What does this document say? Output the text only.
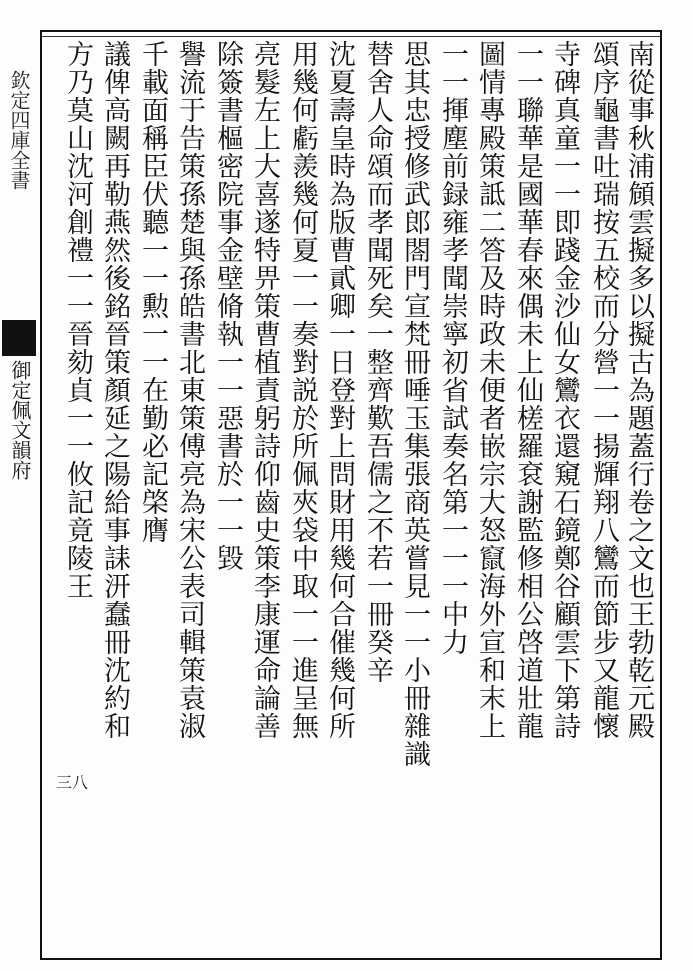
欽定四庫全書
御定佩文韻府	南從事秋浦頠雲擬多以擬古為題蓋行卷之文也王勃乾元殿
頌序龜書吐瑞按五校而分營一一揚輝翔八鸞而節步又龍懷
寺碑真童一一即踐金沙仙女鸞衣還窺石鏡鄭谷顧雲下第詩
一一聯華是國華春來偶未上仙槎羅袞謝監修相公啓道壯龍
圖情專殿策詆二答及時政未便者嵌宗大怒竄海外宣和末上
一一揮塵前録雍孝聞崇寧初省試奏名第一一一中力
思其忠授修武郎閤門宣梵冊唾玉集張商英嘗見一一小冊雜識
替舍人命頌而孝聞死矣一整齊歎吾儒之不若一冊癸辛
沈夏壽皇時為版曹貳卿一日登對上問財用幾何合催幾何所
用幾何虧羨幾何夏一一奏對説於所佩夾袋中取一一進呈無
亮髮左上大喜遂特畀策曹植責躬詩仰齒史策李康運命論善
除簽書樞密院事金壁脩執一一惡書於一一毀
譽流于告策孫楚與孫皓書北東策傅亮為宋公表司輯策袁淑
千載面稱臣伏聽一一勲一一在勤必記棨膺
議俾高闕再勒燕然後銘晉策顏延之陽給事誄汧蠢冊沈約和
方乃莫山沈河創禮一一晉劾貞一一攸記竟陵王
三八
